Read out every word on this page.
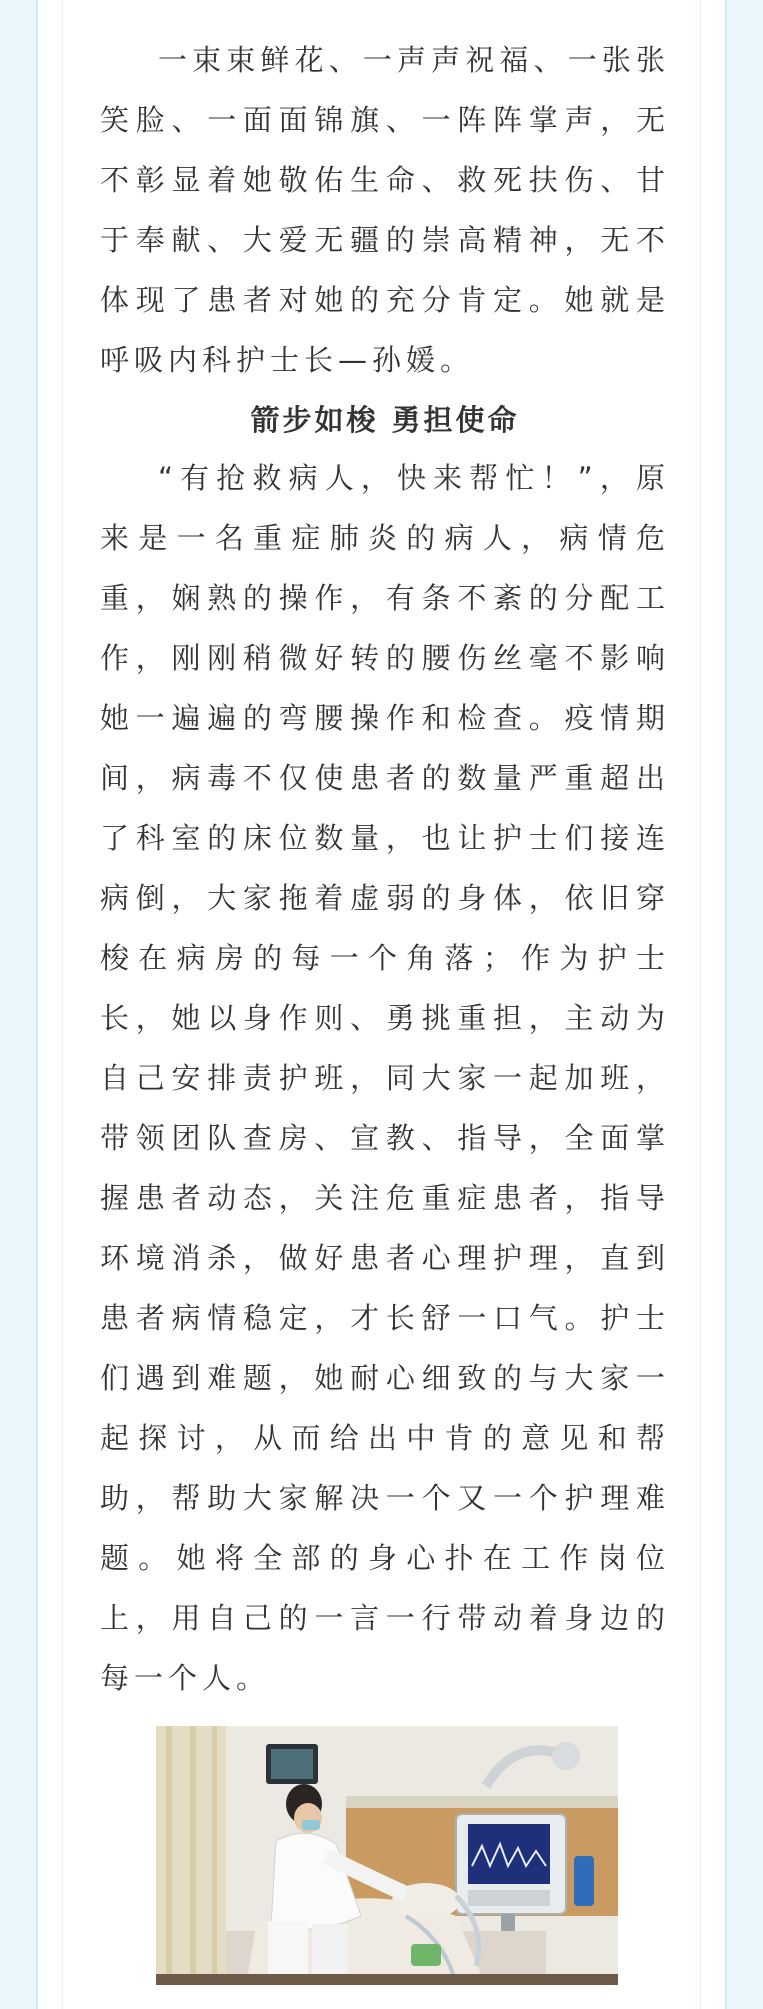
一束束鲜花、一声声祝福、一张张笑脸、一面面锦旗、一阵阵掌声，无不彰显着她敬佑生命、救死扶伤、甘于奉献、大爱无疆的崇高精神，无不体现了患者对她的充分肯定。她就是呼吸内科护士长—孙媛。

箭步如梭 勇担使命

“有抢救病人，快来帮忙！”，原来是一名重症肺炎的病人，病情危重，娴熟的操作，有条不紊的分配工作，刚刚稍微好转的腰伤丝毫不影响她一遍遍的弯腰操作和检查。疫情期间，病毒不仅使患者的数量严重超出了科室的床位数量，也让护士们接连病倒，大家拖着虚弱的身体，依旧穿梭在病房的每一个角落；作为护士长，她以身作则、勇挑重担，主动为自己安排责护班，同大家一起加班，带领团队查房、宣教、指导，全面掌握患者动态，关注危重症患者，指导环境消杀，做好患者心理护理，直到患者病情稳定，才长舒一口气。护士们遇到难题，她耐心细致的与大家一起探讨，从而给出中肯的意见和帮助，帮助大家解决一个又一个护理难题。她将全部的身心扑在工作岗位上，用自己的一言一行带动着身边的每一个人。
